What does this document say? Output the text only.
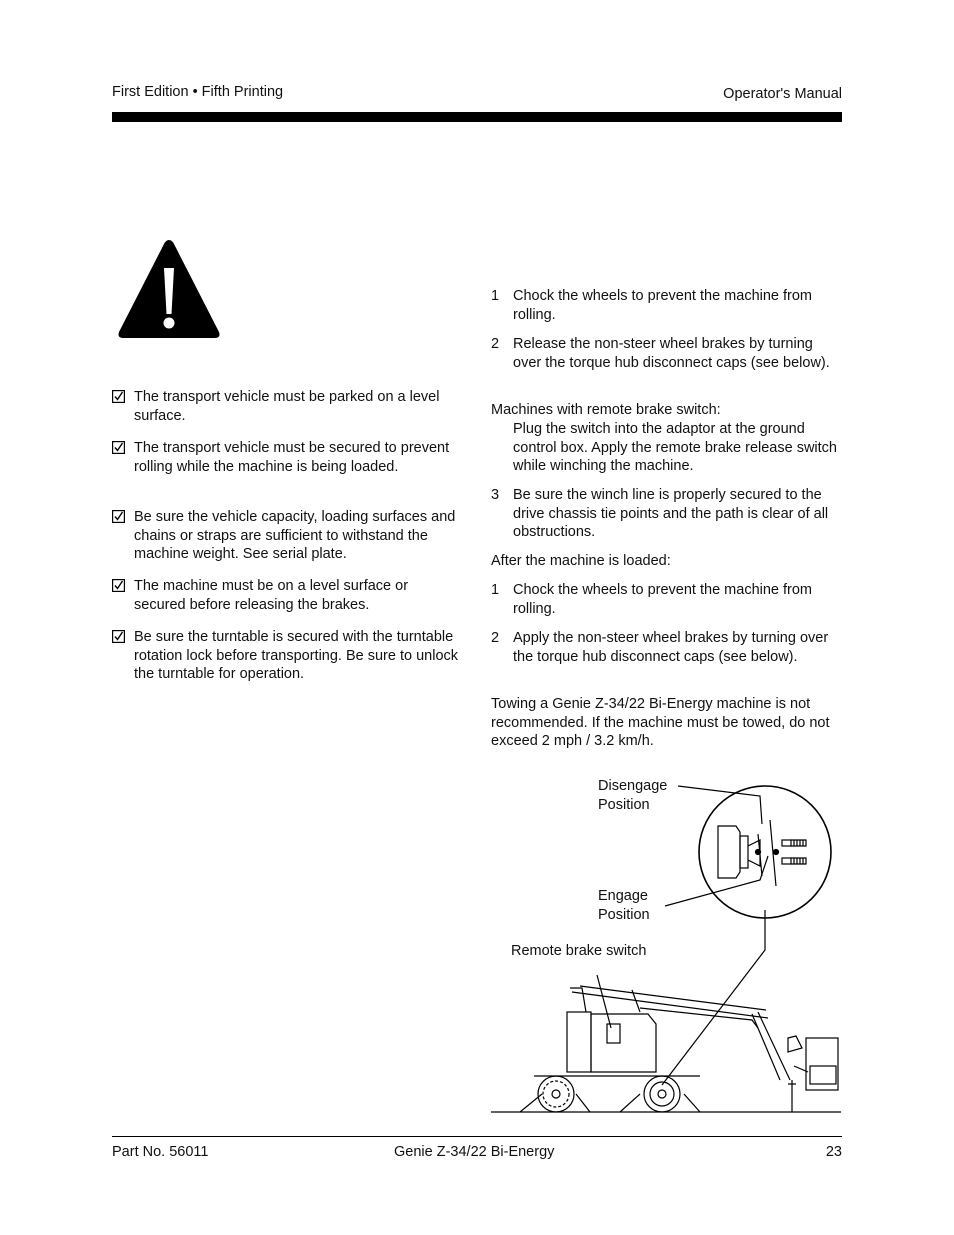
First Edition • Fifth Printing	Operator's Manual
The transport vehicle must be parked on a level surface.
The transport vehicle must be secured to prevent rolling while the machine is being loaded.
Be sure the vehicle capacity, loading surfaces and chains or straps are sufficient to withstand the machine weight. See serial plate.
The machine must be on a level surface or secured before releasing the brakes.
Be sure the turntable is secured with the turntable rotation lock before transporting. Be sure to unlock the turntable for operation.
1 Chock the wheels to prevent the machine from rolling.
2 Release the non-steer wheel brakes by turning over the torque hub disconnect caps (see below).
Machines with remote brake switch:
Plug the switch into the adaptor at the ground control box. Apply the remote brake release switch while winching the machine.
3 Be sure the winch line is properly secured to the drive chassis tie points and the path is clear of all obstructions.
After the machine is loaded:
1 Chock the wheels to prevent the machine from rolling.
2 Apply the non-steer wheel brakes by turning over the torque hub disconnect caps (see below).
Towing a Genie Z-34/22 Bi-Energy machine is not recommended. If the machine must be towed, do not exceed 2 mph / 3.2 km/h.
Disengage Position
Engage Position
Remote brake switch
Part No. 56011	Genie Z-34/22 Bi-Energy	23
